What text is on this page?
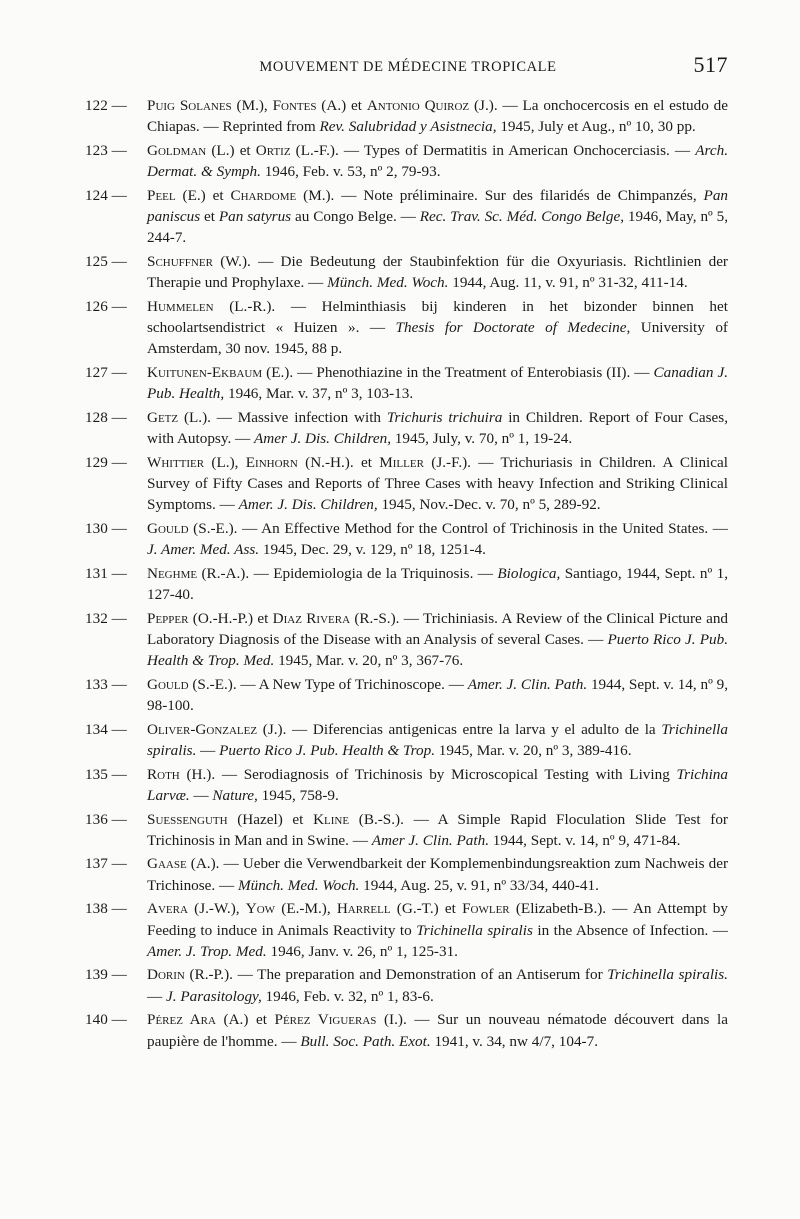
MOUVEMENT DE MÉDECINE TROPICALE	517
122 —	Puig Solanes (M.), Fontes (A.) et Antonio Quiroz (J.). — La onchocercosis en el estudo de Chiapas. — Reprinted from Rev. Salubridad y Asistnecia, 1945, July et Aug., nº 10, 30 pp.
123 —	Goldman (L.) et Ortiz (L.-F.). — Types of Dermatitis in American Onchocerciasis. — Arch. Dermat. & Symph. 1946, Feb. v. 53, nº 2, 79-93.
124 —	Peel (E.) et Chardome (M.). — Note préliminaire. Sur des filaridés de Chimpanzés, Pan paniscus et Pan satyrus au Congo Belge. — Rec. Trav. Sc. Méd. Congo Belge, 1946, May, nº 5, 244-7.
125 —	Schuffner (W.). — Die Bedeutung der Staubinfektion für die Oxyuriasis. Richtlinien der Therapie und Prophylaxe. — Münch. Med. Woch. 1944, Aug. 11, v. 91, nº 31-32, 411-14.
126 —	Hummelen (L.-R.). — Helminthiasis bij kinderen in het bizonder binnen het schoolartsendistrict « Huizen ». — Thesis for Doctorate of Medecine, University of Amsterdam, 30 nov. 1945, 88 p.
127 —	Kuitunen-Ekbaum (E.). — Phenothiazine in the Treatment of Enterobiasis (II). — Canadian J. Pub. Health, 1946, Mar. v. 37, nº 3, 103-13.
128 —	Getz (L.). — Massive infection with Trichuris trichuira in Children. Report of Four Cases, with Autopsy. — Amer J. Dis. Children, 1945, July, v. 70, nº 1, 19-24.
129 —	Whittier (L.), Einhorn (N.-H.). et Miller (J.-F.). — Trichuriasis in Children. A Clinical Survey of Fifty Cases and Reports of Three Cases with heavy Infection and Striking Clinical Symptoms. — Amer. J. Dis. Children, 1945, Nov.-Dec. v. 70, nº 5, 289-92.
130 —	Gould (S.-E.). — An Effective Method for the Control of Trichinosis in the United States. — J. Amer. Med. Ass. 1945, Dec. 29, v. 129, nº 18, 1251-4.
131 —	Neghme (R.-A.). — Epidemiologia de la Triquinosis. — Biologica, Santiago, 1944, Sept. nº 1, 127-40.
132 —	Pepper (O.-H.-P.) et Diaz Rivera (R.-S.). — Trichiniasis. A Review of the Clinical Picture and Laboratory Diagnosis of the Disease with an Analysis of several Cases. — Puerto Rico J. Pub. Health & Trop. Med. 1945, Mar. v. 20, nº 3, 367-76.
133 —	Gould (S.-E.). — A New Type of Trichinoscope. — Amer. J. Clin. Path. 1944, Sept. v. 14, nº 9, 98-100.
134 —	Oliver-Gonzalez (J.). — Diferencias antigenicas entre la larva y el adulto de la Trichinella spiralis. — Puerto Rico J. Pub. Health & Trop. 1945, Mar. v. 20, nº 3, 389-416.
135 —	Roth (H.). — Serodiagnosis of Trichinosis by Microscopical Testing with Living Trichina Larvæ. — Nature, 1945, 758-9.
136 —	Suessenguth (Hazel) et Kline (B.-S.). — A Simple Rapid Floculation Slide Test for Trichinosis in Man and in Swine. — Amer J. Clin. Path. 1944, Sept. v. 14, nº 9, 471-84.
137 —	Gaase (A.). — Ueber die Verwendbarkeit der Komplemenbindungsreaktion zum Nachweis der Trichinose. — Münch. Med. Woch. 1944, Aug. 25, v. 91, nº 33/34, 440-41.
138 —	Avera (J.-W.), Yow (E.-M.), Harrell (G.-T.) et Fowler (Elizabeth-B.). — An Attempt by Feeding to induce in Animals Reactivity to Trichinella spiralis in the Absence of Infection. — Amer. J. Trop. Med. 1946, Janv. v. 26, nº 1, 125-31.
139 —	Dorin (R.-P.). — The preparation and Demonstration of an Antiserum for Trichinella spiralis. — J. Parasitology, 1946, Feb. v. 32, nº 1, 83-6.
140 —	Pérez Ara (A.) et Pérez Vigueras (I.). — Sur un nouveau nématode découvert dans la paupière de l'homme. — Bull. Soc. Path. Exot. 1941, v. 34, nw 4/7, 104-7.
